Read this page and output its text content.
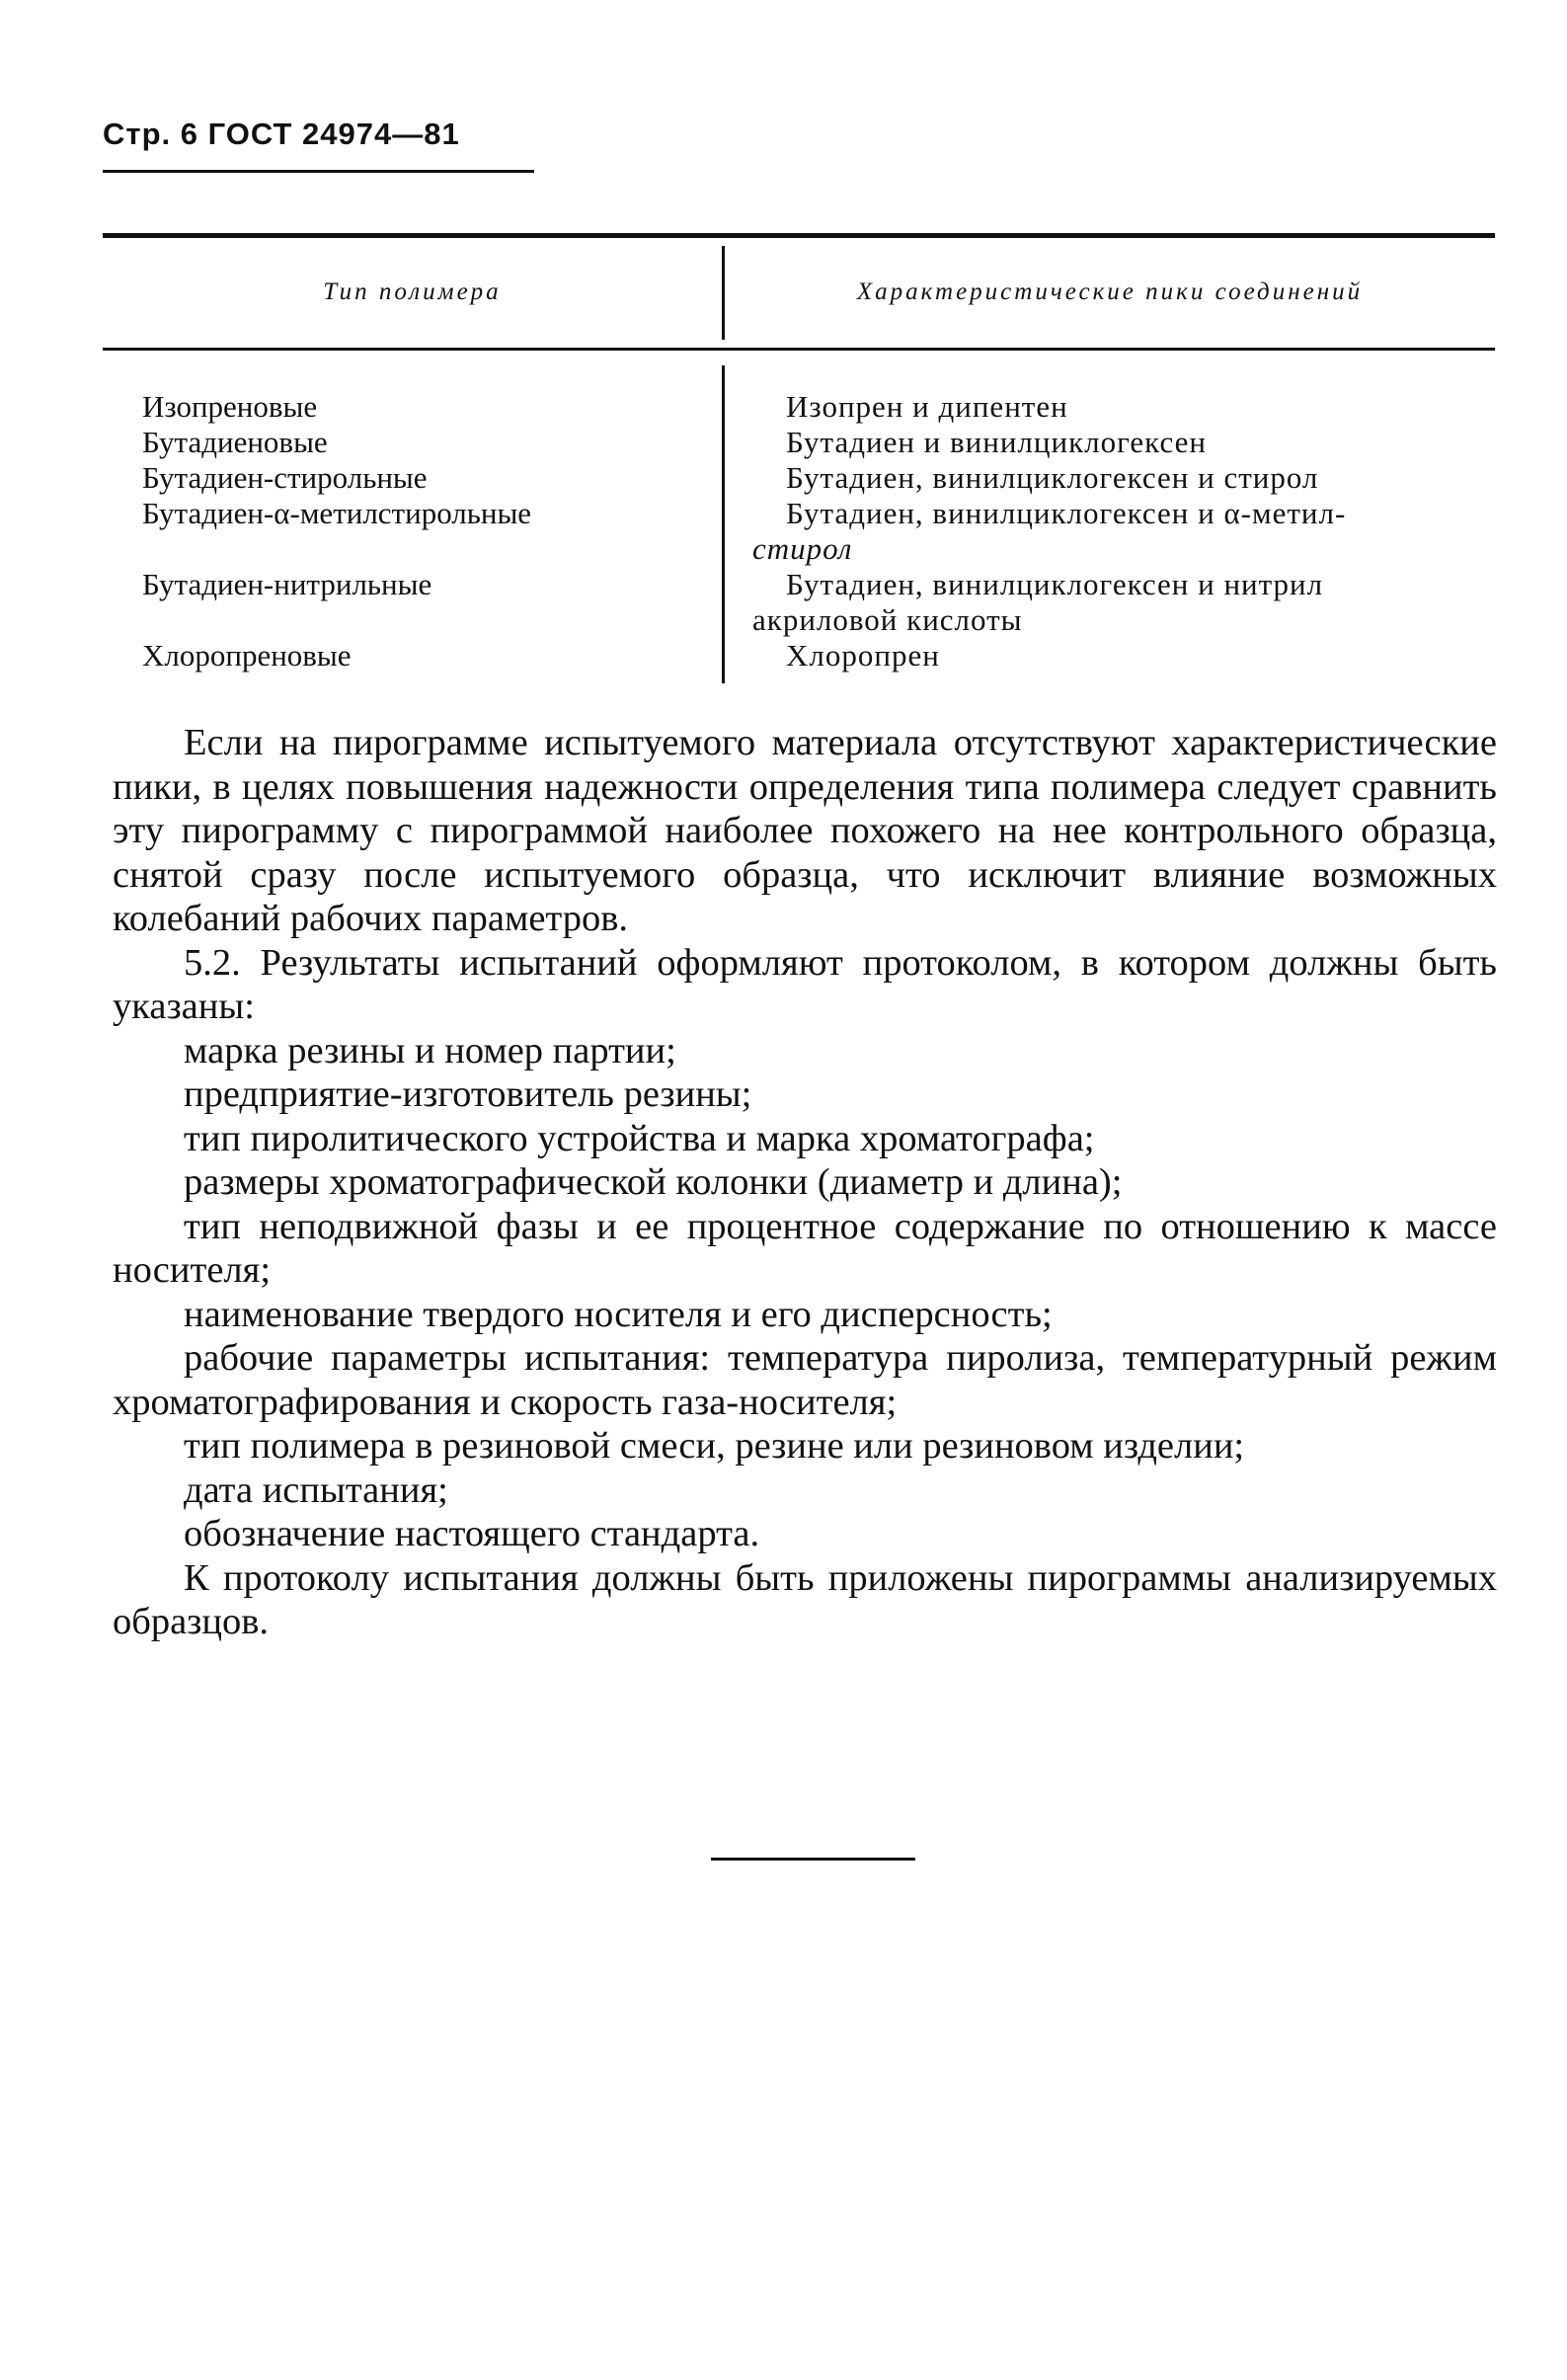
Стр. 6 ГОСТ 24974—81
Тип полимера	Характеристические пики соединений
Изопреновые	Изопрен и дипентен
Бутадиеновые	Бутадиен и винилциклогексен
Бутадиен-стирольные	Бутадиен, винилциклогексен и стирол
Бутадиен-α-метилстирольные	Бутадиен, винилциклогексен и α-метил-
стирол
Бутадиен-нитрильные	Бутадиен, винилциклогексен и нитрил
акриловой кислоты
Хлоропреновые	Хлоропрен

Если на пирограмме испытуемого материала отсутствуют характеристические пики, в целях повышения надежности определения типа полимера следует сравнить эту пирограмму с пирограммой наиболее похожего на нее контрольного образца, снятой сразу после испытуемого образца, что исключит влияние возможных колебаний рабочих параметров.

5.2. Результаты испытаний оформляют протоколом, в котором должны быть указаны:

марка резины и номер партии;

предприятие-изготовитель резины;

тип пиролитического устройства и марка хроматографа;

размеры хроматографической колонки (диаметр и длина);

тип неподвижной фазы и ее процентное содержание по отношению к массе носителя;

наименование твердого носителя и его дисперсность;

рабочие параметры испытания: температура пиролиза, температурный режим хроматографирования и скорость газа-носителя;

тип полимера в резиновой смеси, резине или резиновом изделии;

дата испытания;

обозначение настоящего стандарта.

К протоколу испытания должны быть приложены пирограммы анализируемых образцов.
